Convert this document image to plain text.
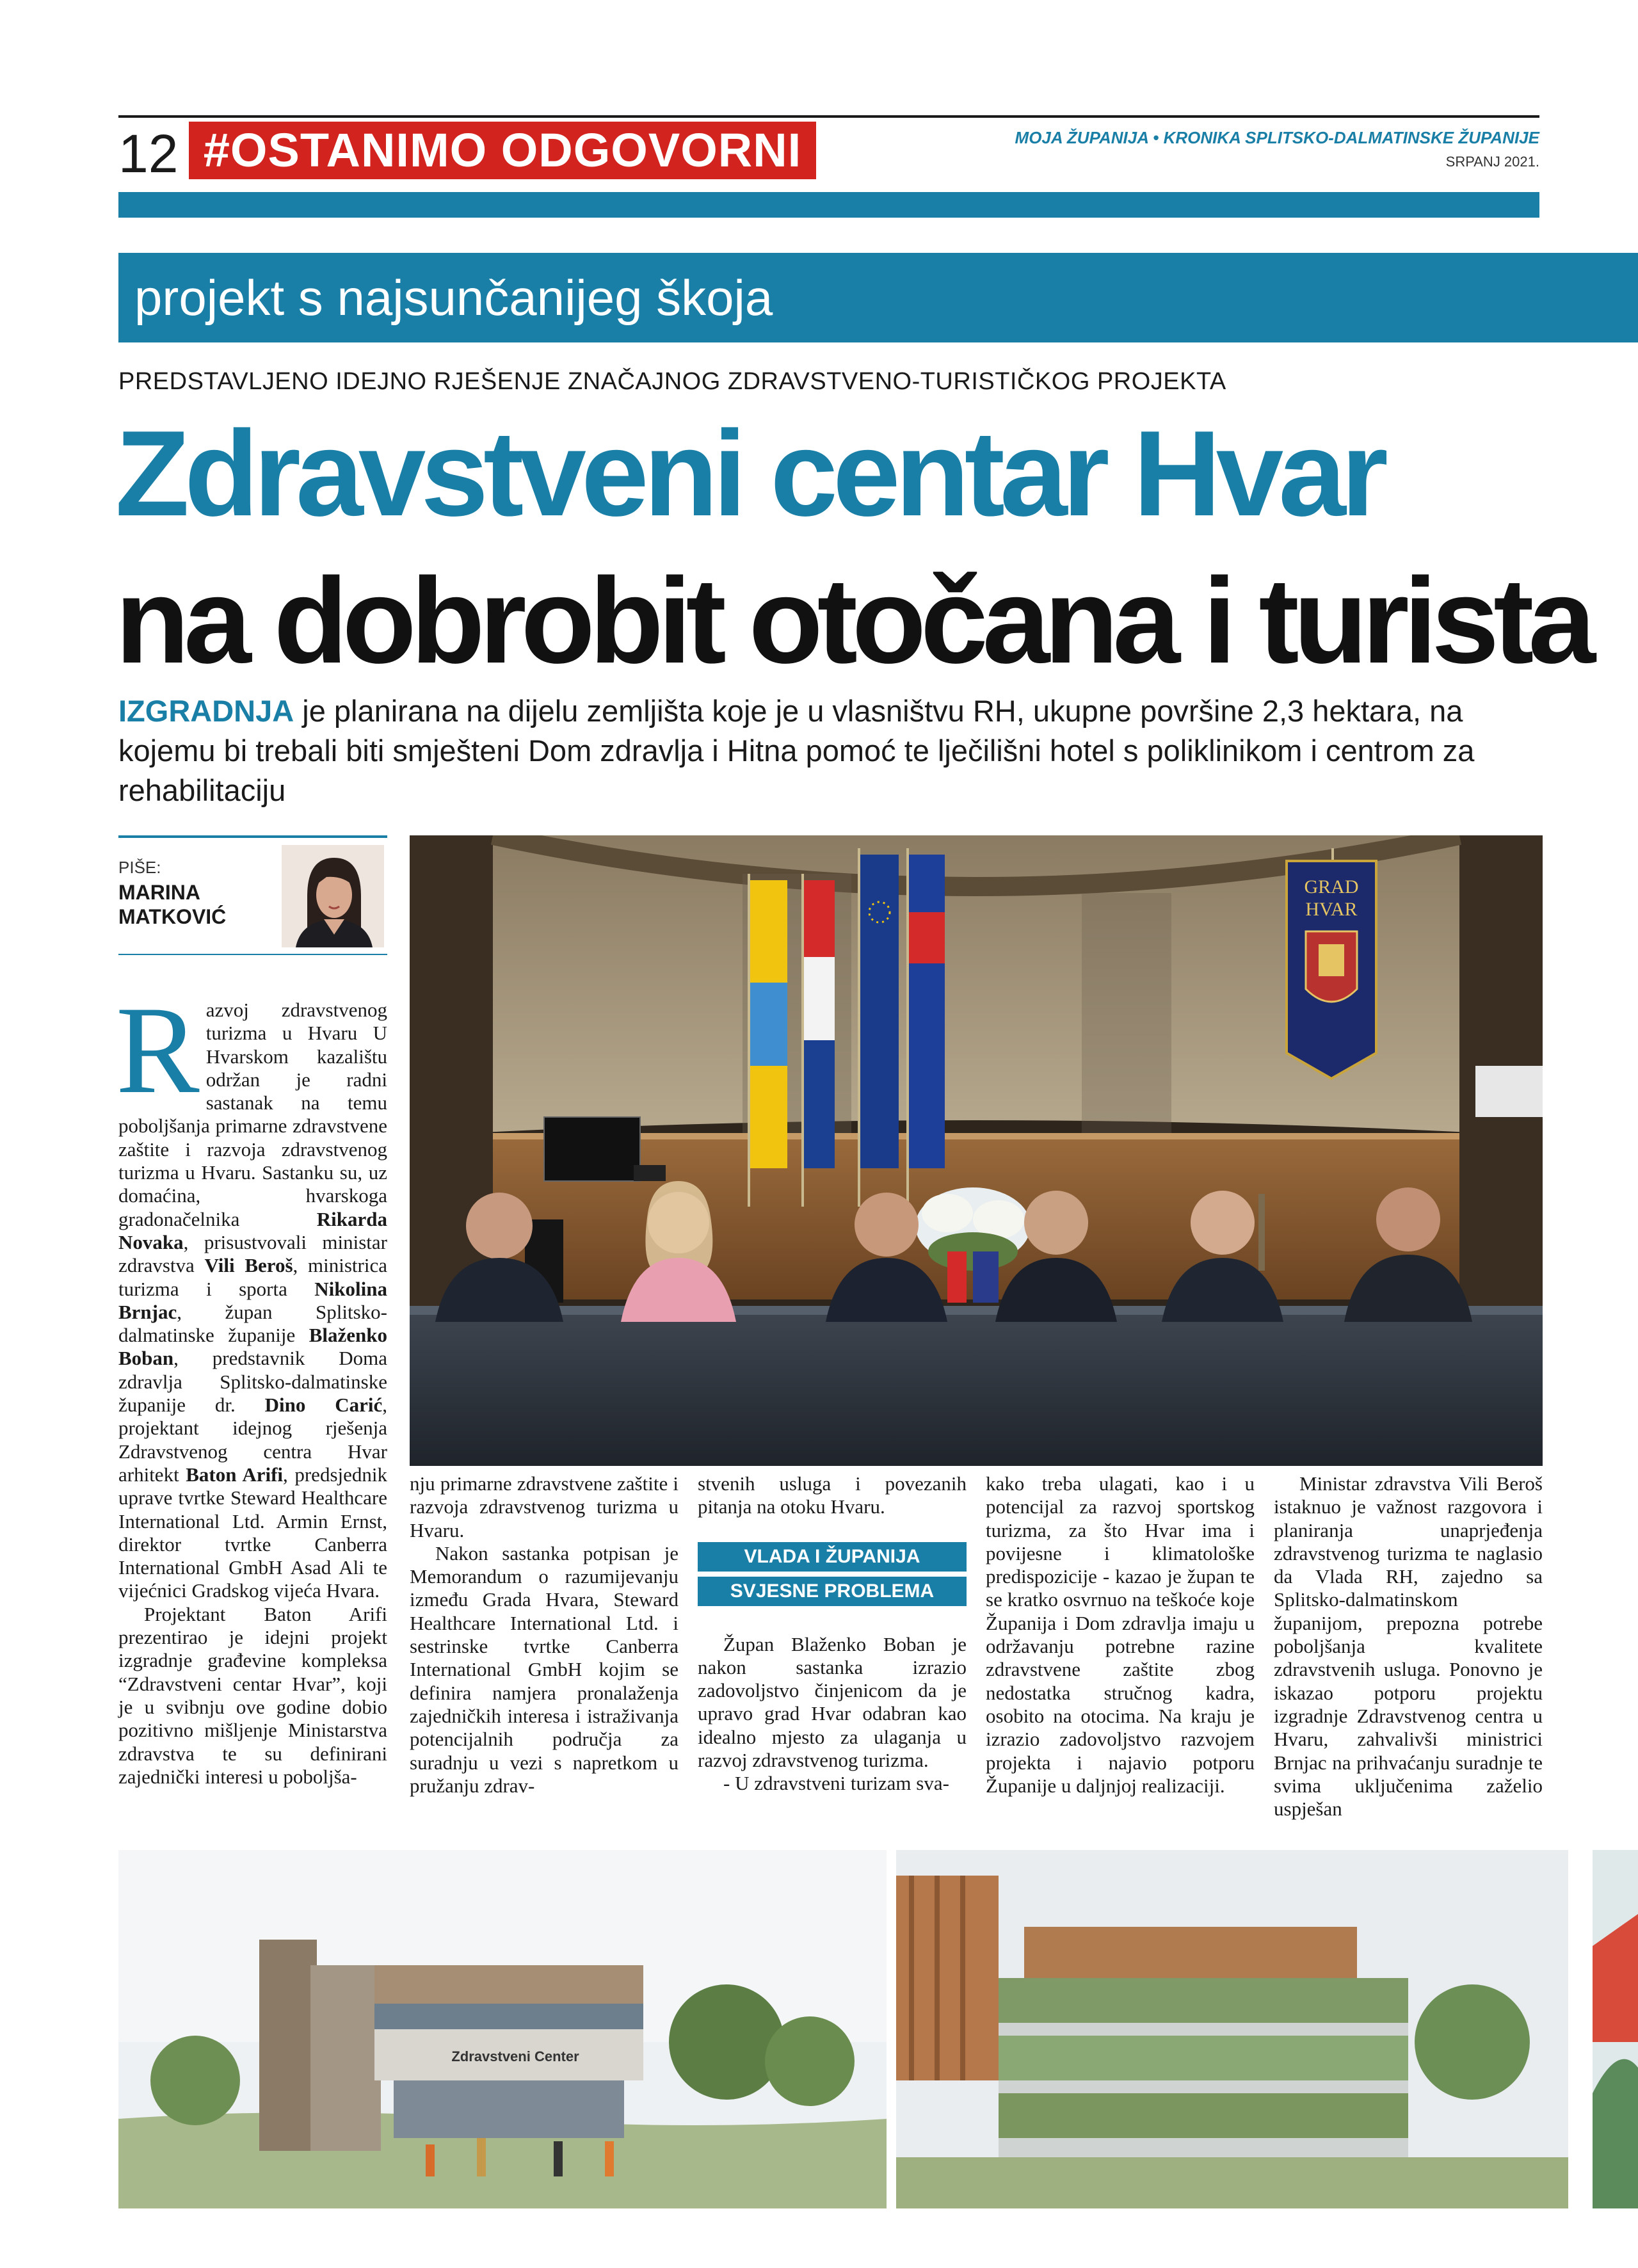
12 #OSTANIMO ODGOVORNI	MOJA ŽUPANIJA • KRONIKA SPLITSKO-DALMATINSKE ŽUPANIJE
SRPANJ 2021.
projekt s najsunčanijeg škoja
PREDSTAVLJENO IDEJNO RJEŠENJE ZNAČAJNOG ZDRAVSTVENO-TURISTIČKOG PROJEKTA
Zdravstveni centar Hvar
na dobrobit otočana i turista
IZGRADNJA je planirana na dijelu zemljišta koje je u vlasništvu RH, ukupne površine 2,3 hektara, na kojemu bi trebali biti smješteni Dom zdravlja i Hitna pomoć te lječilišni hotel s poliklinikom i centrom za rehabilitaciju
PIŠE:
MARINA MATKOVIĆ
GRAD
HVAR
R azvoj zdravstvenog turizma u Hvaru U Hvarskom kazalištu održan je radni sastanak na temu poboljšanja primarne zdravstvene zaštite i razvoja zdravstvenog turizma u Hvaru. Sastanku su, uz domaćina, hvarskoga gradonačelnika Rikarda Novaka, prisustvovali ministar zdravstva Vili Beroš, ministrica turizma i sporta Nikolina Brnjac, župan Splitsko-dalmatinske županije Blaženko Boban, predstavnik Doma zdravlja Splitsko-dalmatinske županije dr. Dino Carić, projektant idejnog rješenja Zdravstvenog centra Hvar arhitekt Baton Arifi, predsjednik uprave tvrtke Steward Healthcare International Ltd. Armin Ernst, direktor tvrtke Canberra International GmbH Asad Ali te vijećnici Gradskog vijeća Hvara.

Projektant Baton Arifi prezentirao je idejni projekt izgradnje građevine kompleksa “Zdravstveni centar Hvar”, koji je u svibnju ove godine dobio pozitivno mišljenje Ministarstva zdravstva te su definirani zajednički interesi u poboljša-

nju primarne zdravstvene zaštite i razvoja zdravstvenog turizma u Hvaru.

Nakon sastanka potpisan je Memorandum o razumijevanju između Grada Hvara, Steward Healthcare International Ltd. i sestrinske tvrtke Canberra International GmbH kojim se definira namjera pronalaženja zajedničkih interesa i istraživanja potencijalnih područja za suradnju u vezi s napretkom u pružanju zdrav-

stvenih usluga i povezanih pitanja na otoku Hvaru.

VLADA I ŽUPANIJA
SVJESNE PROBLEMA

Župan Blaženko Boban je nakon sastanka izrazio zadovoljstvo činjenicom da je upravo grad Hvar odabran kao idealno mjesto za ulaganja u razvoj zdravstvenog turizma.

- U zdravstveni turizam sva-

kako treba ulagati, kao i u potencijal za razvoj sportskog turizma, za što Hvar ima i povijesne i klimatološke predispozicije - kazao je župan te se kratko osvrnuo na teškoće koje Županija i Dom zdravlja imaju u održavanju potrebne razine zdravstvene zaštite zbog nedostatka stručnog kadra, osobito na otocima. Na kraju je izrazio zadovoljstvo razvojem projekta i najavio potporu Županije u daljnjoj realizaciji.

Ministar zdravstva Vili Beroš istaknuo je važnost razgovora i planiranja unaprjeđenja zdravstvenog turizma te naglasio da Vlada RH, zajedno sa Splitsko-dalmatinskom županijom, prepozna potrebe poboljšanja kvalitete zdravstvenih usluga. Ponovno je iskazao potporu projektu izgradnje Zdravstvenog centra u Hvaru, zahvalivši ministrici Brnjac na prihvaćanju suradnje te svima uključenima zaželio uspješan

Zdravstveni Center
